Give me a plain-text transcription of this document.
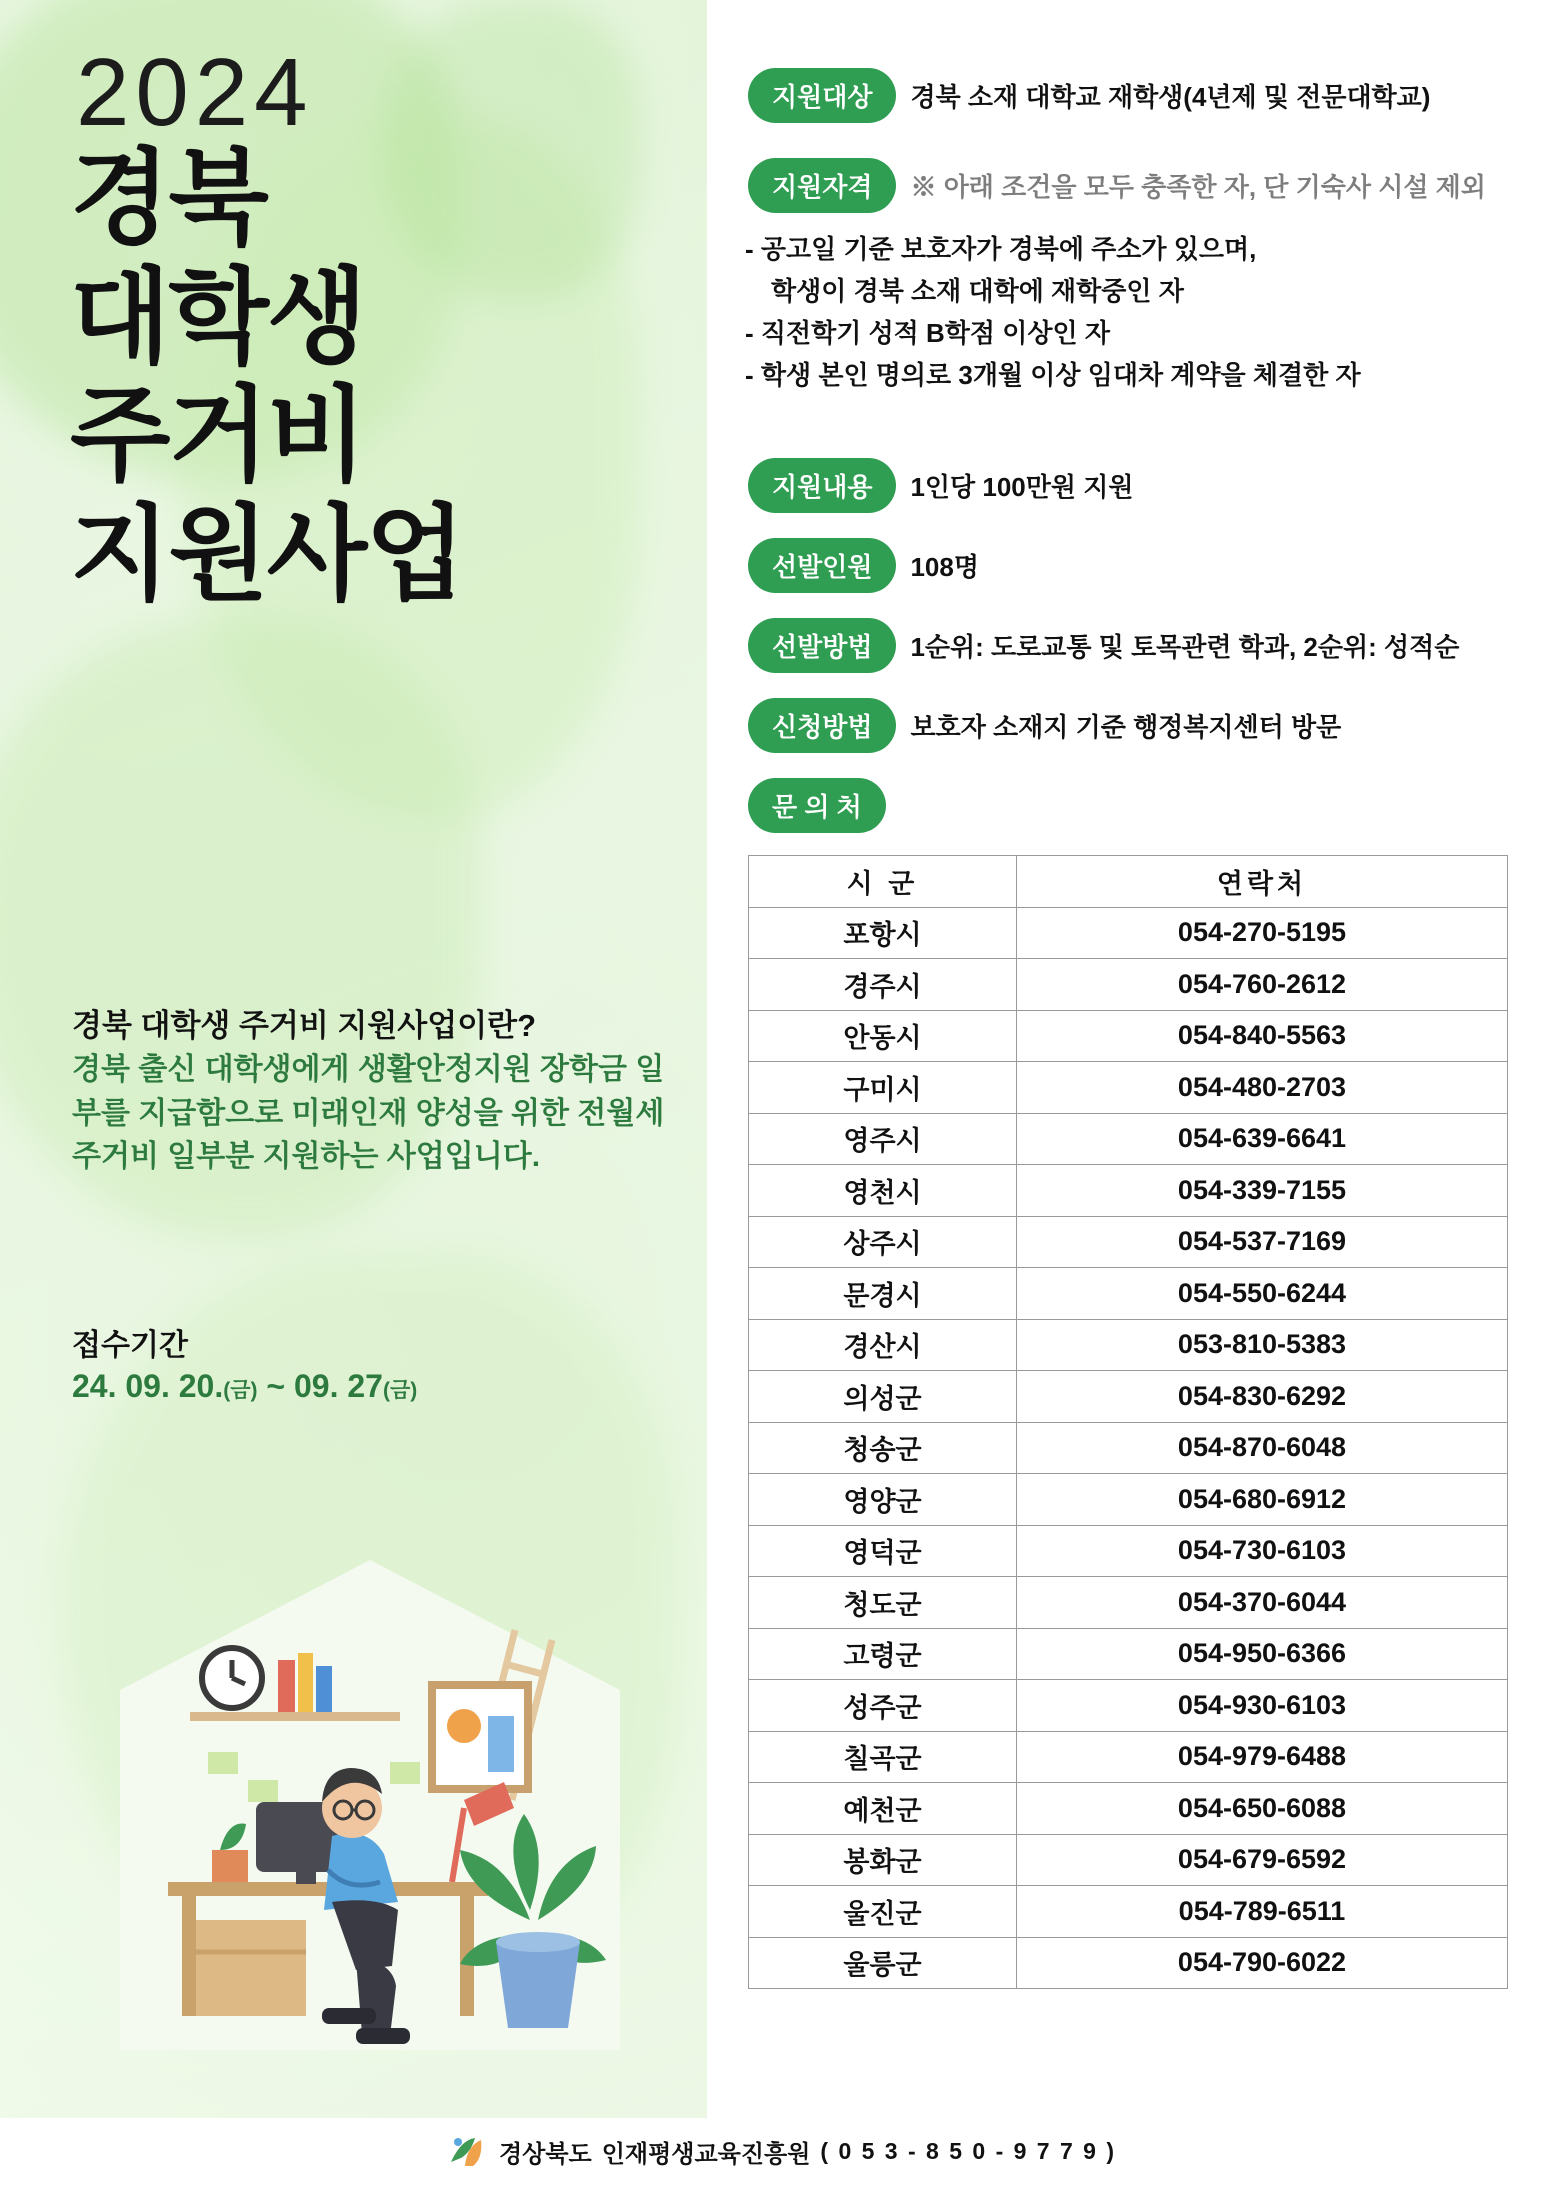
2024
경북
대학생
주거비
지원사업
경북 대학생 주거비 지원사업이란?
경북 출신 대학생에게 생활안정지원 장학금 일부를 지급함으로 미래인재 양성을 위한 전월세 주거비 일부분 지원하는 사업입니다.
접수기간
24. 09. 20.(금) ~ 09. 27(금)
지원대상	경북 소재 대학교 재학생(4년제 및 전문대학교)
지원자격	※ 아래 조건을 모두 충족한 자, 단 기숙사 시설 제외
- 공고일 기준 보호자가 경북에 주소가 있으며,
학생이 경북 소재 대학에 재학중인 자
- 직전학기 성적 B학점 이상인 자
- 학생 본인 명의로 3개월 이상 임대차 계약을 체결한 자
지원내용	1인당 100만원 지원
선발인원	108명
선발방법	1순위: 도로교통 및 토목관련 학과, 2순위: 성적순
신청방법	보호자 소재지 기준 행정복지센터 방문
문 의 처
시 군	연락처
포항시	054-270-5195
경주시	054-760-2612
안동시	054-840-5563
구미시	054-480-2703
영주시	054-639-6641
영천시	054-339-7155
상주시	054-537-7169
문경시	054-550-6244
경산시	053-810-5383
의성군	054-830-6292
청송군	054-870-6048
영양군	054-680-6912
영덕군	054-730-6103
청도군	054-370-6044
고령군	054-950-6366
성주군	054-930-6103
칠곡군	054-979-6488
예천군	054-650-6088
봉화군	054-679-6592
울진군	054-789-6511
울릉군	054-790-6022
경상북도 인재평생교육진흥원 ( 0 5 3 - 8 5 0 - 9 7 7 9 )
